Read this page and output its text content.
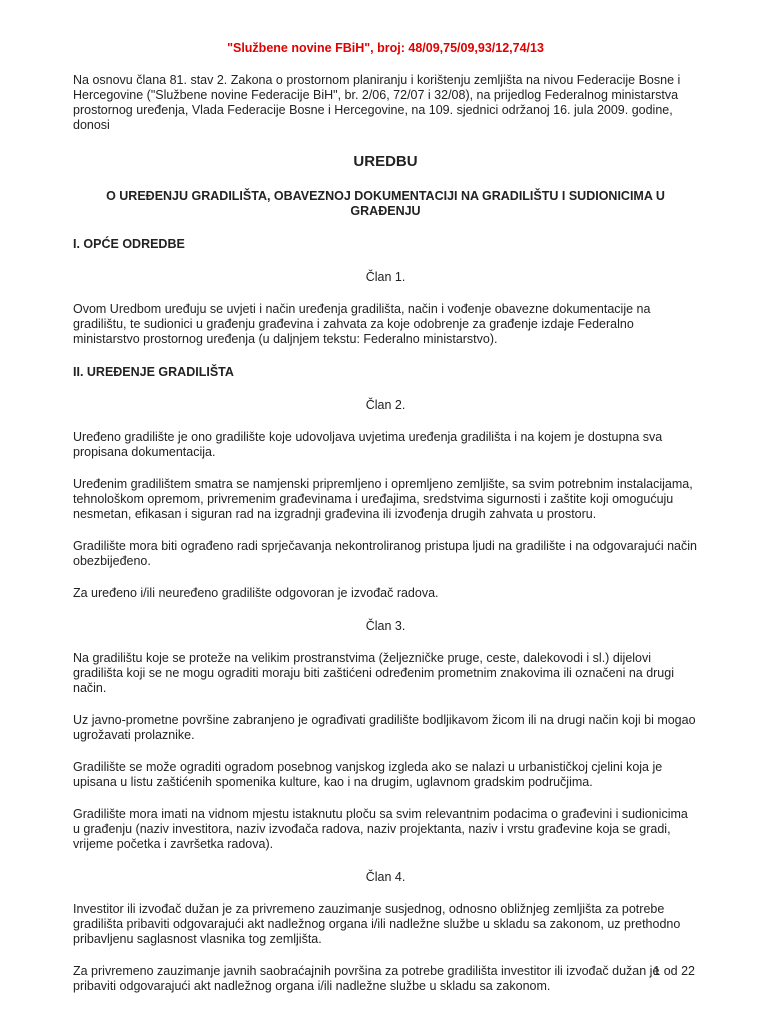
"Službene novine FBiH", broj: 48/09,75/09,93/12,74/13
Na osnovu člana 81. stav 2. Zakona o prostornom planiranju i korištenju zemljišta na nivou Federacije Bosne i Hercegovine ("Službene novine Federacije BiH", br. 2/06, 72/07 i 32/08), na prijedlog Federalnog ministarstva prostornog uređenja, Vlada Federacije Bosne i Hercegovine, na 109. sjednici održanoj 16. jula 2009. godine, donosi
UREDBU
O UREĐENJU GRADILIŠTA, OBAVEZNOJ DOKUMENTACIJI NA GRADILIŠTU I SUDIONICIMA U GRAĐENJU
I. OPĆE ODREDBE
Član 1.
Ovom Uredbom uređuju se uvjeti i način uređenja gradilišta, način i vođenje obavezne dokumentacije na gradilištu, te sudionici u građenju građevina i zahvata za koje odobrenje za građenje izdaje Federalno ministarstvo prostornog uređenja (u daljnjem tekstu: Federalno ministarstvo).
II. UREĐENJE GRADILIŠTA
Član 2.
Uređeno gradilište je ono gradilište koje udovoljava uvjetima uređenja gradilišta i na kojem je dostupna sva propisana dokumentacija.
Uređenim gradilištem smatra se namjenski pripremljeno i opremljeno zemljište, sa svim potrebnim instalacijama, tehnološkom opremom, privremenim građevinama i uređajima, sredstvima sigurnosti i zaštite koji omogućuju nesmetan, efikasan i siguran rad na izgradnji građevina ili izvođenja drugih zahvata u prostoru.
Gradilište mora biti ograđeno radi sprječavanja nekontroliranog pristupa ljudi na gradilište i na odgovarajući način obezbijeđeno.
Za uređeno i/ili neuređeno gradilište odgovoran je izvođač radova.
Član 3.
Na gradilištu koje se proteže na velikim prostranstvima (željezničke pruge, ceste, dalekovodi i sl.) dijelovi gradilišta koji se ne mogu ograditi moraju biti zaštićeni određenim prometnim znakovima ili označeni na drugi način.
Uz javno-prometne površine zabranjeno je ograđivati gradilište bodljikavom žicom ili na drugi način koji bi mogao ugrožavati prolaznike.
Gradilište se može ograditi ogradom posebnog vanjskog izgleda ako se nalazi u urbanističkoj cjelini koja je upisana u listu zaštićenih spomenika kulture, kao i na drugim, uglavnom gradskim područjima.
Gradilište mora imati na vidnom mjestu istaknutu ploču sa svim relevantnim podacima o građevini i sudionicima u građenju (naziv investitora, naziv izvođača radova, naziv projektanta, naziv i vrstu građevine koja se gradi, vrijeme početka i završetka radova).
Član 4.
Investitor ili izvođač dužan je za privremeno zauzimanje susjednog, odnosno obližnjeg zemljišta za potrebe gradilišta pribaviti odgovarajući akt nadležnog organa i/ili nadležne službe u skladu sa zakonom, uz prethodno pribavljenu saglasnost vlasnika tog zemljišta.
Za privremeno zauzimanje javnih saobraćajnih površina za potrebe gradilišta investitor ili izvođač dužan je pribaviti odgovarajući akt nadležnog organa i/ili nadležne službe u skladu sa zakonom.
1 od 22
